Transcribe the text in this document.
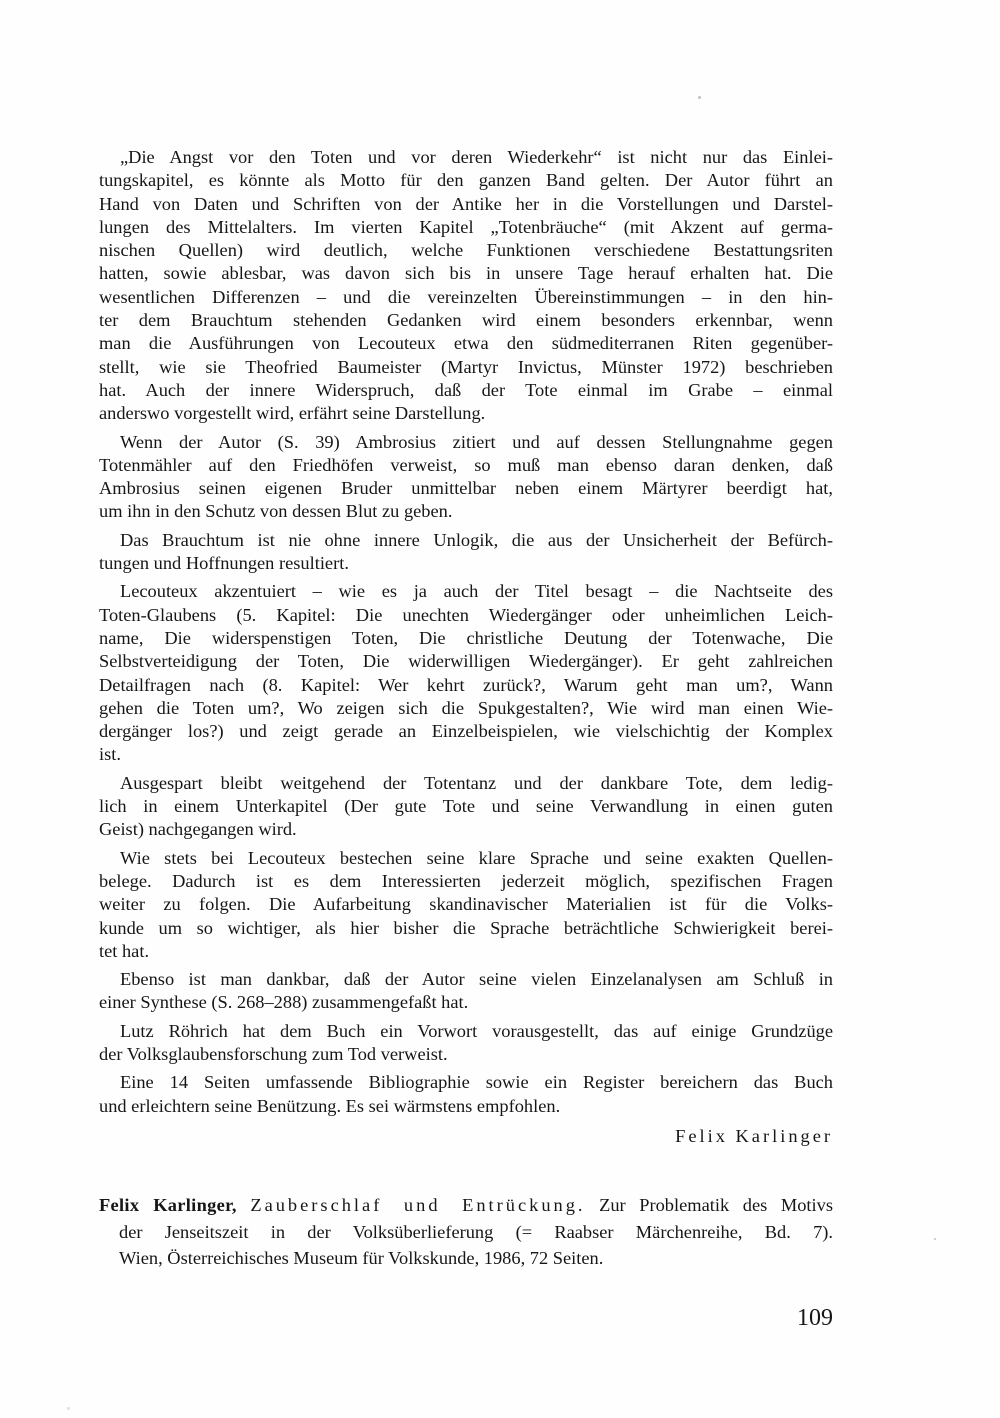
„Die Angst vor den Toten und vor deren Wiederkehr“ ist nicht nur das Einlei-
tungskapitel, es könnte als Motto für den ganzen Band gelten. Der Autor führt an
Hand von Daten und Schriften von der Antike her in die Vorstellungen und Darstel-
lungen des Mittelalters. Im vierten Kapitel „Totenbräuche“ (mit Akzent auf germa-
nischen Quellen) wird deutlich, welche Funktionen verschiedene Bestattungsriten
hatten, sowie ablesbar, was davon sich bis in unsere Tage herauf erhalten hat. Die
wesentlichen Differenzen – und die vereinzelten Übereinstimmungen – in den hin-
ter dem Brauchtum stehenden Gedanken wird einem besonders erkennbar, wenn
man die Ausführungen von Lecouteux etwa den südmediterranen Riten gegenüber-
stellt, wie sie Theofried Baumeister (Martyr Invictus, Münster 1972) beschrieben
hat. Auch der innere Widerspruch, daß der Tote einmal im Grabe – einmal
anderswo vorgestellt wird, erfährt seine Darstellung.
Wenn der Autor (S. 39) Ambrosius zitiert und auf dessen Stellungnahme gegen
Totenmähler auf den Friedhöfen verweist, so muß man ebenso daran denken, daß
Ambrosius seinen eigenen Bruder unmittelbar neben einem Märtyrer beerdigt hat,
um ihn in den Schutz von dessen Blut zu geben.
Das Brauchtum ist nie ohne innere Unlogik, die aus der Unsicherheit der Befürch-
tungen und Hoffnungen resultiert.
Lecouteux akzentuiert – wie es ja auch der Titel besagt – die Nachtseite des
Toten-Glaubens (5. Kapitel: Die unechten Wiedergänger oder unheimlichen Leich-
name, Die widerspenstigen Toten, Die christliche Deutung der Totenwache, Die
Selbstverteidigung der Toten, Die widerwilligen Wiedergänger). Er geht zahlreichen
Detailfragen nach (8. Kapitel: Wer kehrt zurück?, Warum geht man um?, Wann
gehen die Toten um?, Wo zeigen sich die Spukgestalten?, Wie wird man einen Wie-
dergänger los?) und zeigt gerade an Einzelbeispielen, wie vielschichtig der Komplex
ist.
Ausgespart bleibt weitgehend der Totentanz und der dankbare Tote, dem ledig-
lich in einem Unterkapitel (Der gute Tote und seine Verwandlung in einen guten
Geist) nachgegangen wird.
Wie stets bei Lecouteux bestechen seine klare Sprache und seine exakten Quellen-
belege. Dadurch ist es dem Interessierten jederzeit möglich, spezifischen Fragen
weiter zu folgen. Die Aufarbeitung skandinavischer Materialien ist für die Volks-
kunde um so wichtiger, als hier bisher die Sprache beträchtliche Schwierigkeit berei-
tet hat.
Ebenso ist man dankbar, daß der Autor seine vielen Einzelanalysen am Schluß in
einer Synthese (S. 268–288) zusammengefaßt hat.
Lutz Röhrich hat dem Buch ein Vorwort vorausgestellt, das auf einige Grundzüge
der Volksglaubensforschung zum Tod verweist.
Eine 14 Seiten umfassende Bibliographie sowie ein Register bereichern das Buch
und erleichtern seine Benützung. Es sei wärmstens empfohlen.
Felix Karlinger
Felix Karlinger, Zauberschlaf und Entrückung. Zur Problematik des Motivs
der Jenseitszeit in der Volksüberlieferung (= Raabser Märchenreihe, Bd. 7).
Wien, Österreichisches Museum für Volkskunde, 1986, 72 Seiten.
109
